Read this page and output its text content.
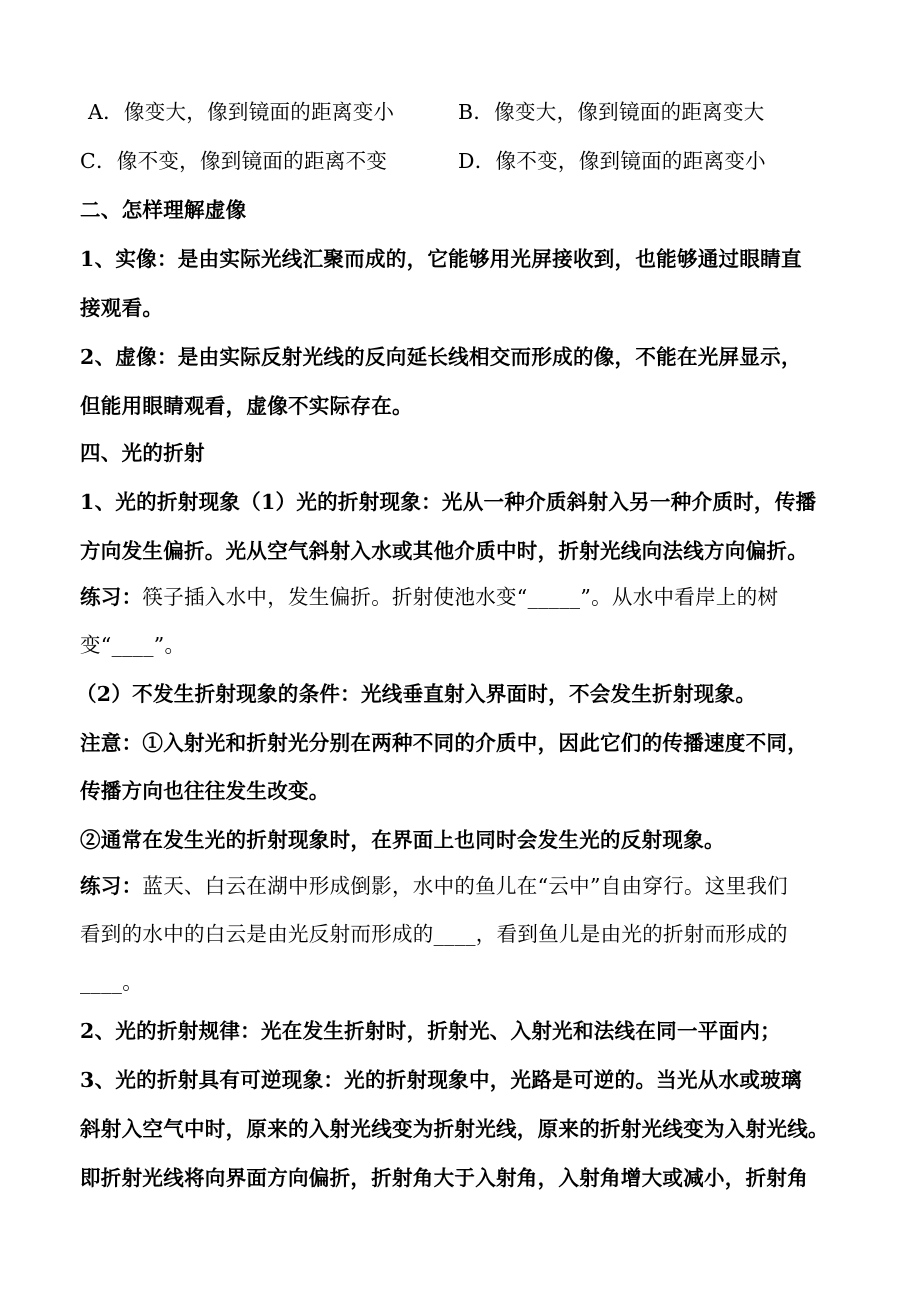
A．像变大，像到镜面的距离变小	B．像变大，像到镜面的距离变大
C．像不变，像到镜面的距离不变	D．像不变，像到镜面的距离变小
二、怎样理解虚像
1、实像：是由实际光线汇聚而成的，它能够用光屏接收到，也能够通过眼睛直
接观看。
2、虚像：是由实际反射光线的反向延长线相交而形成的像，不能在光屏显示，
但能用眼睛观看，虚像不实际存在。
四、光的折射
1、光的折射现象（1）光的折射现象：光从一种介质斜射入另一种介质时，传播
方向发生偏折。光从空气斜射入水或其他介质中时，折射光线向法线方向偏折。
练习：筷子插入水中，发生偏折。折射使池水变“_____”。从水中看岸上的树
变“____”。
（2）不发生折射现象的条件：光线垂直射入界面时，不会发生折射现象。
注意：①入射光和折射光分别在两种不同的介质中，因此它们的传播速度不同，
传播方向也往往发生改变。
②通常在发生光的折射现象时，在界面上也同时会发生光的反射现象。
练习：蓝天、白云在湖中形成倒影，水中的鱼儿在“云中”自由穿行。这里我们
看到的水中的白云是由光反射而形成的____，看到鱼儿是由光的折射而形成的
____。
2、光的折射规律：光在发生折射时，折射光、入射光和法线在同一平面内；
3、光的折射具有可逆现象：光的折射现象中，光路是可逆的。当光从水或玻璃
斜射入空气中时，原来的入射光线变为折射光线，原来的折射光线变为入射光线。
即折射光线将向界面方向偏折，折射角大于入射角，入射角增大或减小，折射角
